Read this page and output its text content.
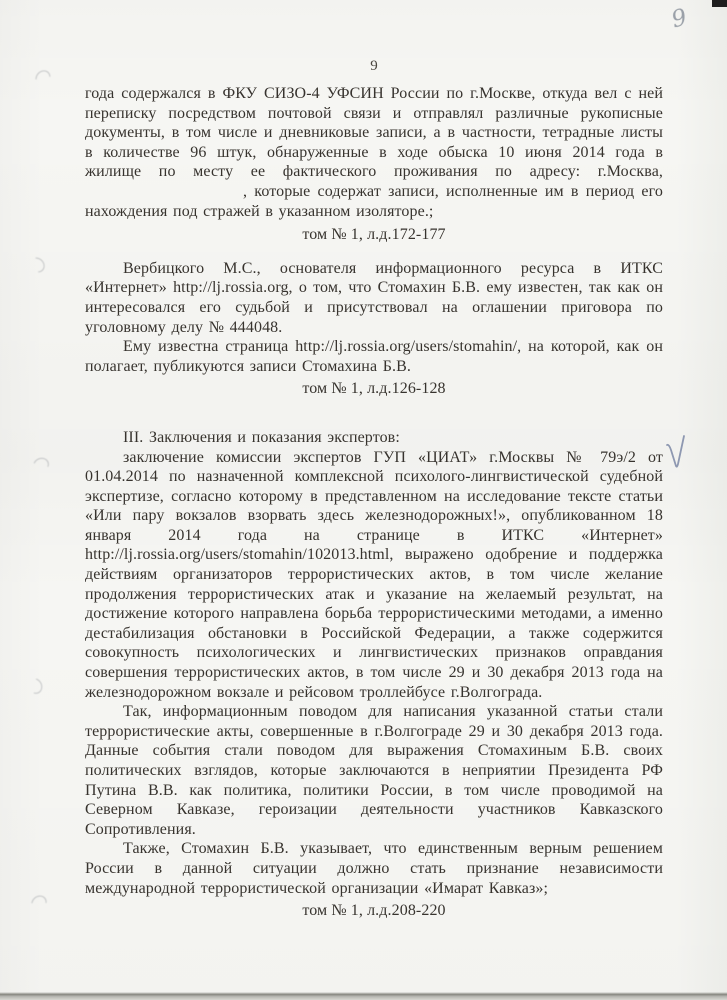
9
9

года содержался в ФКУ СИЗО-4 УФСИН России по г.Москве, откуда вел с ней переписку посредством почтовой связи и отправлял различные рукописные документы, в том числе и дневниковые записи, а в частности, тетрадные листы в количестве 96 штук, обнаруженные в ходе обыска 10 июня 2014 года в жилище по месту ее фактического проживания по адресу: г.Москва,, которые содержат записи, исполненные им в период его нахождения под стражей в указанном изоляторе.;

том № 1, л.д.172-177

Вербицкого М.С., основателя информационного ресурса в ИТКС «Интернет» http://lj.rossia.org, о том, что Стомахин Б.В. ему известен, так как он интересовался его судьбой и присутствовал на оглашении приговора по уголовному делу № 444048.

Ему известна страница http://lj.rossia.org/users/stomahin/, на которой, как он полагает, публикуются записи Стомахина Б.В.

том № 1, л.д.126-128

III. Заключения и показания экспертов:

заключение комиссии экспертов ГУП «ЦИАТ» г.Москвы № 79э/2 от 01.04.2014 по назначенной комплексной психолого-лингвистической судебной экспертизе, согласно которому в представленном на исследование тексте статьи «Или пару вокзалов взорвать здесь железнодорожных!», опубликованном 18 января 2014 года на странице в ИТКС «Интернет» http://lj.rossia.org/users/stomahin/102013.html, выражено одобрение и поддержка действиям организаторов террористических актов, в том числе желание продолжения террористических атак и указание на желаемый результат, на достижение которого направлена борьба террористическими методами, а именно дестабилизация обстановки в Российской Федерации, а также содержится совокупность психологических и лингвистических признаков оправдания совершения террористических актов, в том числе 29 и 30 декабря 2013 года на железнодорожном вокзале и рейсовом троллейбусе г.Волгограда.

Так, информационным поводом для написания указанной статьи стали террористические акты, совершенные в г.Волгограде 29 и 30 декабря 2013 года. Данные события стали поводом для выражения Стомахиным Б.В. своих политических взглядов, которые заключаются в неприятии Президента РФ Путина В.В. как политика, политики России, в том числе проводимой на Северном Кавказе, героизации деятельности участников Кавказского Сопротивления.

Также, Стомахин Б.В. указывает, что единственным верным решением России в данной ситуации должно стать признание независимости международной террористической организации «Имарат Кавказ»;

том № 1, л.д.208-220
